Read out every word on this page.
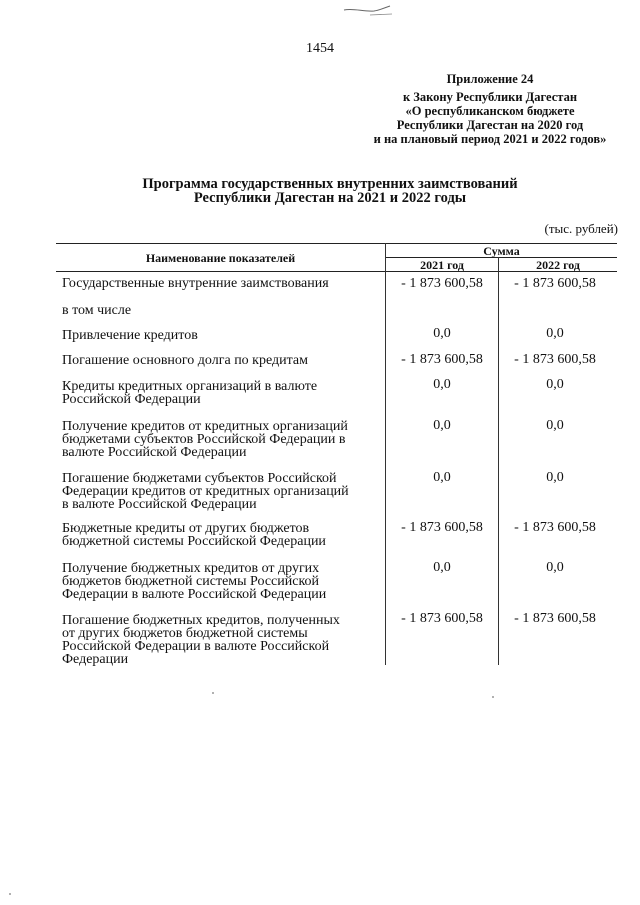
1454
Приложение 24
к Закону Республики Дагестан
«О республиканском бюджете
Республики Дагестан на 2020 год
и на плановый период 2021 и 2022 годов»
Программа государственных внутренних заимствований
Республики Дагестан на 2021 и 2022 годы
(тыс. рублей)
Наименование показателей	Сумма
2021 год	2022 год
Государственные внутренние заимствования	- 1 873 600,58	- 1 873 600,58
в том числе
Привлечение кредитов	0,0	0,0
Погашение основного долга по кредитам	- 1 873 600,58	- 1 873 600,58
Кредиты кредитных организаций в валюте
Российской Федерации
0,0	0,0
Получение кредитов от кредитных организаций
бюджетами субъектов Российской Федерации в
валюте Российской Федерации
0,0	0,0
Погашение бюджетами субъектов Российской
Федерации кредитов от кредитных организаций
в валюте Российской Федерации
0,0	0,0
Бюджетные кредиты от других бюджетов
бюджетной системы Российской Федерации
- 1 873 600,58	- 1 873 600,58
Получение бюджетных кредитов от других
бюджетов бюджетной системы Российской
Федерации в валюте Российской Федерации
0,0	0,0
Погашение бюджетных кредитов, полученных
от других бюджетов бюджетной системы
Российской Федерации в валюте Российской
Федерации
- 1 873 600,58	- 1 873 600,58
